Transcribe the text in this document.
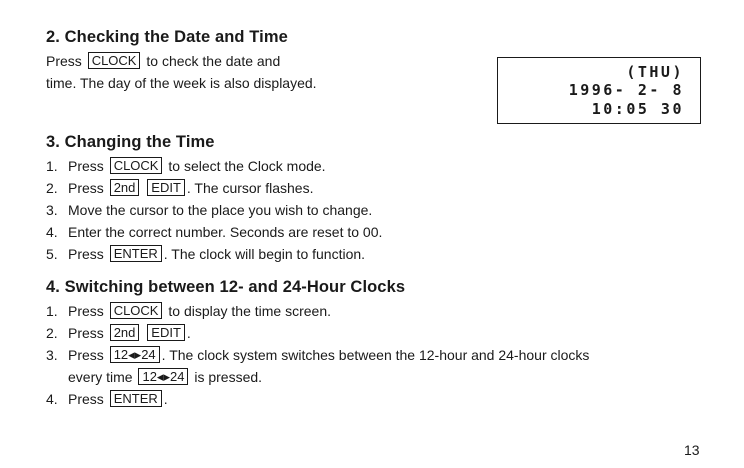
2. Checking the Date and Time
Press CLOCK to check the date and
time. The day of the week is also displayed.
(THU)
1996- 2- 8
10:05 30
3. Changing the Time
1. Press CLOCK to select the Clock mode.
2. Press 2nd EDIT . The cursor flashes.
3. Move the cursor to the place you wish to change.
4. Enter the correct number. Seconds are reset to 00.
5. Press ENTER . The clock will begin to function.
4. Switching between 12- and 24-Hour Clocks
1. Press CLOCK to display the time screen.
2. Press 2nd EDIT .
3. Press 12◂▸24 . The clock system switches between the 12-hour and 24-hour clocks
every time 12◂▸24 is pressed.
4. Press ENTER .
13
